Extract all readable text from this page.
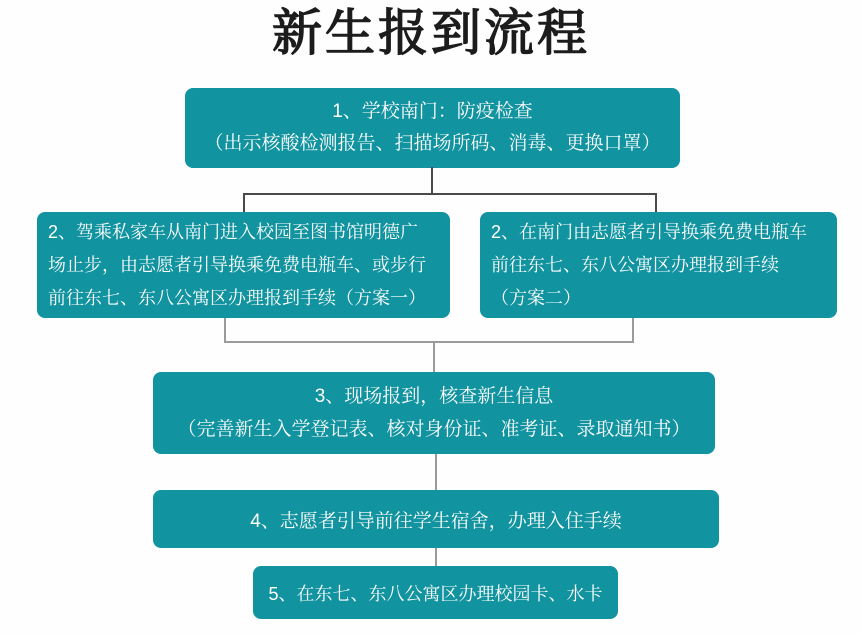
新生报到流程
1、学校南门：防疫检查
（出示核酸检测报告、扫描场所码、消毒、更换口罩）
2、驾乘私家车从南门进入校园至图书馆明德广
场止步，由志愿者引导换乘免费电瓶车、或步行
前往东七、东八公寓区办理报到手续（方案一）
2、在南门由志愿者引导换乘免费电瓶车
前往东七、东八公寓区办理报到手续
（方案二）
3、现场报到，核查新生信息
（完善新生入学登记表、核对身份证、准考证、录取通知书）
4、志愿者引导前往学生宿舍，办理入住手续
5、在东七、东八公寓区办理校园卡、水卡
